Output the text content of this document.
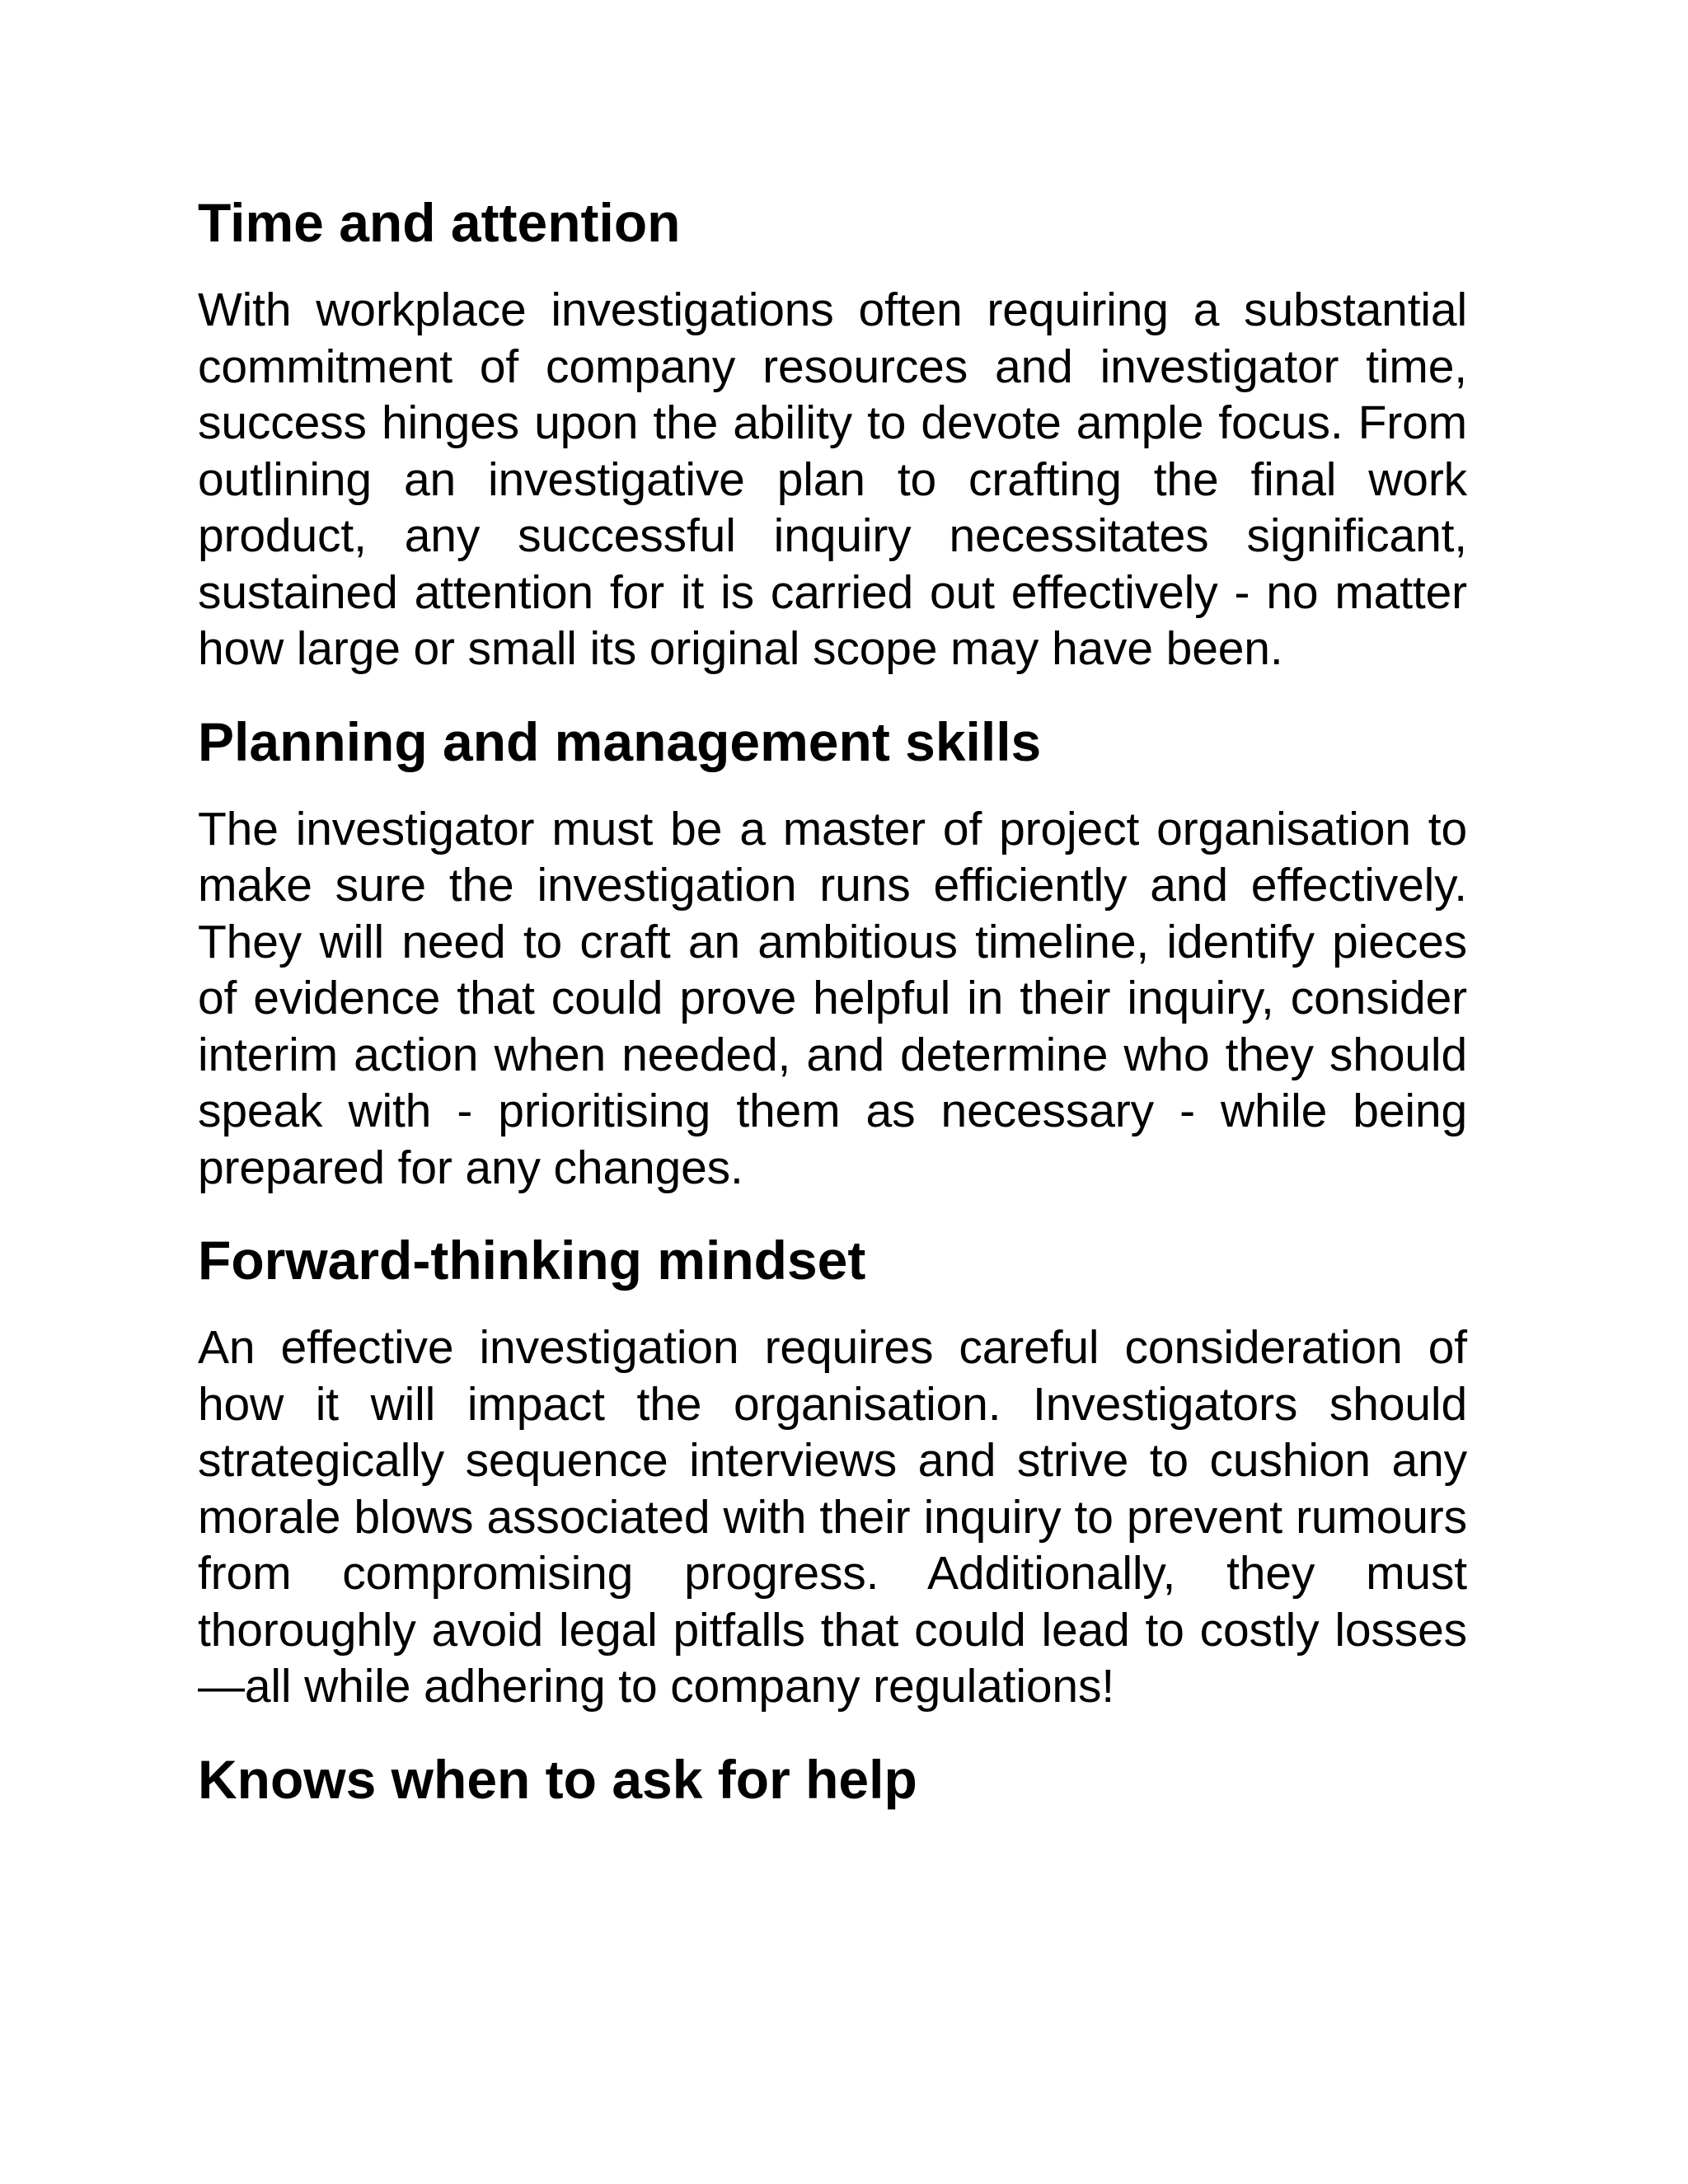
Time and attention

With workplace investigations often requiring a substantial commitment of company resources and investigator time, success hinges upon the ability to devote ample focus. From outlining an investigative plan to crafting the final work product, any successful inquiry necessitates significant, sustained attention for it is carried out effectively - no matter how large or small its original scope may have been.

Planning and management skills

The investigator must be a master of project organisation to make sure the investigation runs efficiently and effectively. They will need to craft an ambitious timeline, identify pieces of evidence that could prove helpful in their inquiry, consider interim action when needed, and determine who they should speak with - prioritising them as necessary - while being prepared for any changes.

Forward-thinking mindset

An effective investigation requires careful consideration of how it will impact the organisation. Investigators should strategically sequence interviews and strive to cushion any morale blows associated with their inquiry to prevent rumours from compromising progress. Additionally, they must thoroughly avoid legal pitfalls that could lead to costly losses—all while adhering to company regulations!

Knows when to ask for help
